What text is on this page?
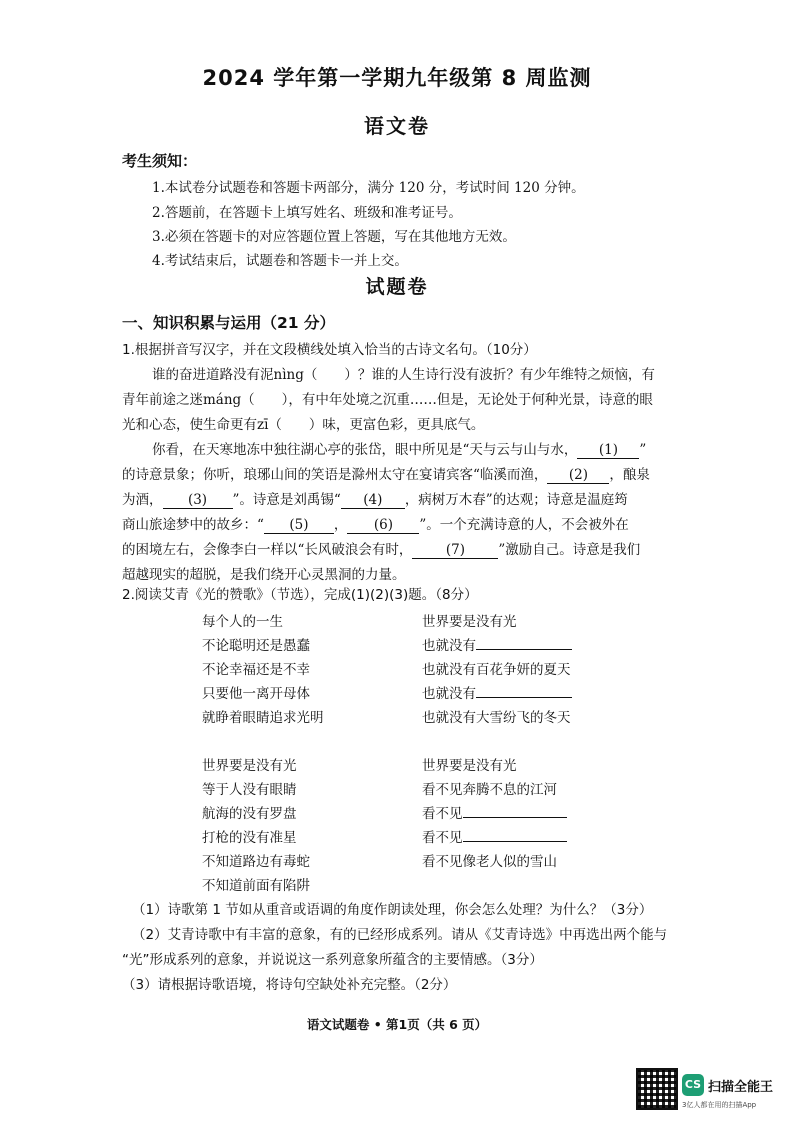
2024 学年第一学期九年级第 8 周监测
语文卷
考生须知：
1.本试卷分试题卷和答题卡两部分，满分 120 分，考试时间 120 分钟。
2.答题前，在答题卡上填写姓名、班级和准考证号。
3.必须在答题卡的对应答题位置上答题，写在其他地方无效。
4.考试结束后，试题卷和答题卡一并上交。
试题卷
一、知识积累与运用（21 分）
1.根据拼音写汉字，并在文段横线处填入恰当的古诗文名句。（10分）
谁的奋进道路没有泥nìng（　　）？谁的人生诗行没有波折？有少年维特之烦恼，有
青年前途之迷máng（　　），有中年处境之沉重……但是，无论处于何种光景，诗意的眼
光和心态，使生命更有zī（　　）味，更富色彩，更具底气。
你看，在天寒地冻中独往湖心亭的张岱，眼中所见是“天与云与山与水， (1) ”
的诗意景象；你听，琅琊山间的笑语是滁州太守在宴请宾客“临溪而渔， (2) ，酿泉
为酒， (3) ”。诗意是刘禹锡“ (4) ，病树万木春”的达观；诗意是温庭筠
商山旅途梦中的故乡：“ (5) ， (6) ”。一个充满诗意的人，不会被外在
的困境左右，会像李白一样以“长风破浪会有时， (7) ”激励自己。诗意是我们
超越现实的超脱，是我们绕开心灵黑洞的力量。
2.阅读艾青《光的赞歌》（节选），完成(1)(2)(3)题。（8分）
每个人的一生
不论聪明还是愚蠢
不论幸福还是不幸
只要他一离开母体
就睁着眼睛追求光明
世界要是没有光
也就没有
也就没有百花争妍的夏天
也就没有
也就没有大雪纷飞的冬天
世界要是没有光
等于人没有眼睛
航海的没有罗盘
打枪的没有准星
不知道路边有毒蛇
不知道前面有陷阱
世界要是没有光
看不见奔腾不息的江河
看不见
看不见
看不见像老人似的雪山
（1）诗歌第 1 节如从重音或语调的角度作朗读处理，你会怎么处理？为什么？（3分）
（2）艾青诗歌中有丰富的意象，有的已经形成系列。请从《艾青诗选》中再选出两个能与
“光”形成系列的意象，并说说这一系列意象所蕴含的主要情感。（3分）
（3）请根据诗歌语境，将诗句空缺处补充完整。（2分）
语文试题卷 • 第1页（共 6 页）
CS 扫描全能王
3亿人都在用的扫描App
